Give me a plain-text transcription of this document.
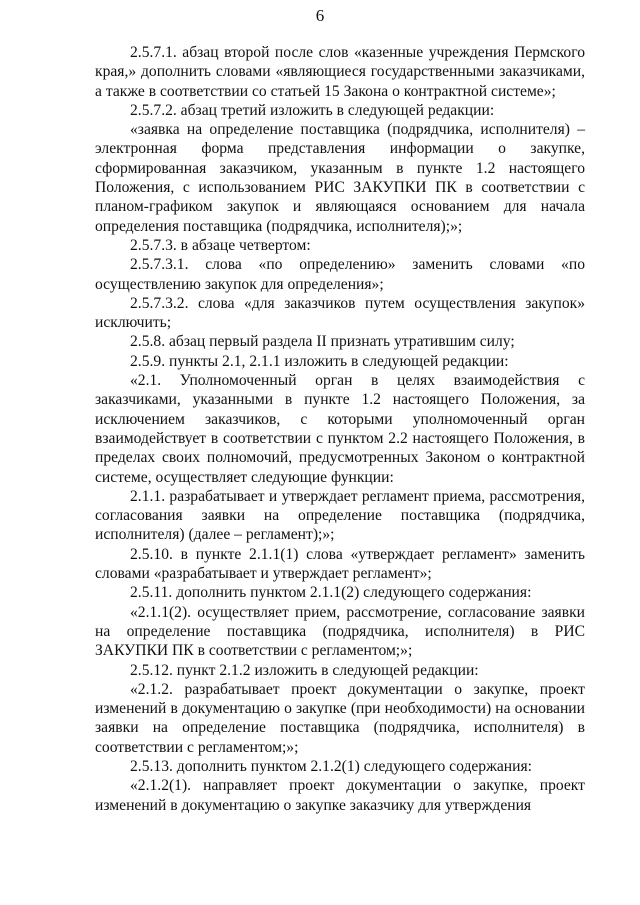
6

2.5.7.1. абзац второй после слов «казенные учреждения Пермского края,» дополнить словами «являющиеся государственными заказчиками, а также в соответствии со статьей 15 Закона о контрактной системе»;

2.5.7.2. абзац третий изложить в следующей редакции:

«заявка на определение поставщика (подрядчика, исполнителя) – электронная форма представления информации о закупке, сформированная заказчиком, указанным в пункте 1.2 настоящего Положения, с использованием РИС ЗАКУПКИ ПК в соответствии с планом-графиком закупок и являющаяся основанием для начала определения поставщика (подрядчика, исполнителя);»;

2.5.7.3. в абзаце четвертом:

2.5.7.3.1. слова «по определению» заменить словами «по осуществлению закупок для определения»;

2.5.7.3.2. слова «для заказчиков путем осуществления закупок» исключить;

2.5.8. абзац первый раздела II признать утратившим силу;

2.5.9. пункты 2.1, 2.1.1 изложить в следующей редакции:

«2.1. Уполномоченный орган в целях взаимодействия с заказчиками, указанными в пункте 1.2 настоящего Положения, за исключением заказчиков, с которыми уполномоченный орган взаимодействует в соответствии с пунктом 2.2 настоящего Положения, в пределах своих полномочий, предусмотренных Законом о контрактной системе, осуществляет следующие функции:

2.1.1. разрабатывает и утверждает регламент приема, рассмотрения, согласования заявки на определение поставщика (подрядчика, исполнителя) (далее – регламент);»;

2.5.10. в пункте 2.1.1(1) слова «утверждает регламент» заменить словами «разрабатывает и утверждает регламент»;

2.5.11. дополнить пунктом 2.1.1(2) следующего содержания:

«2.1.1(2). осуществляет прием, рассмотрение, согласование заявки на определение поставщика (подрядчика, исполнителя) в РИС ЗАКУПКИ ПК в соответствии с регламентом;»;

2.5.12. пункт 2.1.2 изложить в следующей редакции:

«2.1.2. разрабатывает проект документации о закупке, проект изменений в документацию о закупке (при необходимости) на основании заявки на определение поставщика (подрядчика, исполнителя) в соответствии с регламентом;»;

2.5.13. дополнить пунктом 2.1.2(1) следующего содержания:

«2.1.2(1). направляет проект документации о закупке, проект изменений в документацию о закупке заказчику для утверждения
